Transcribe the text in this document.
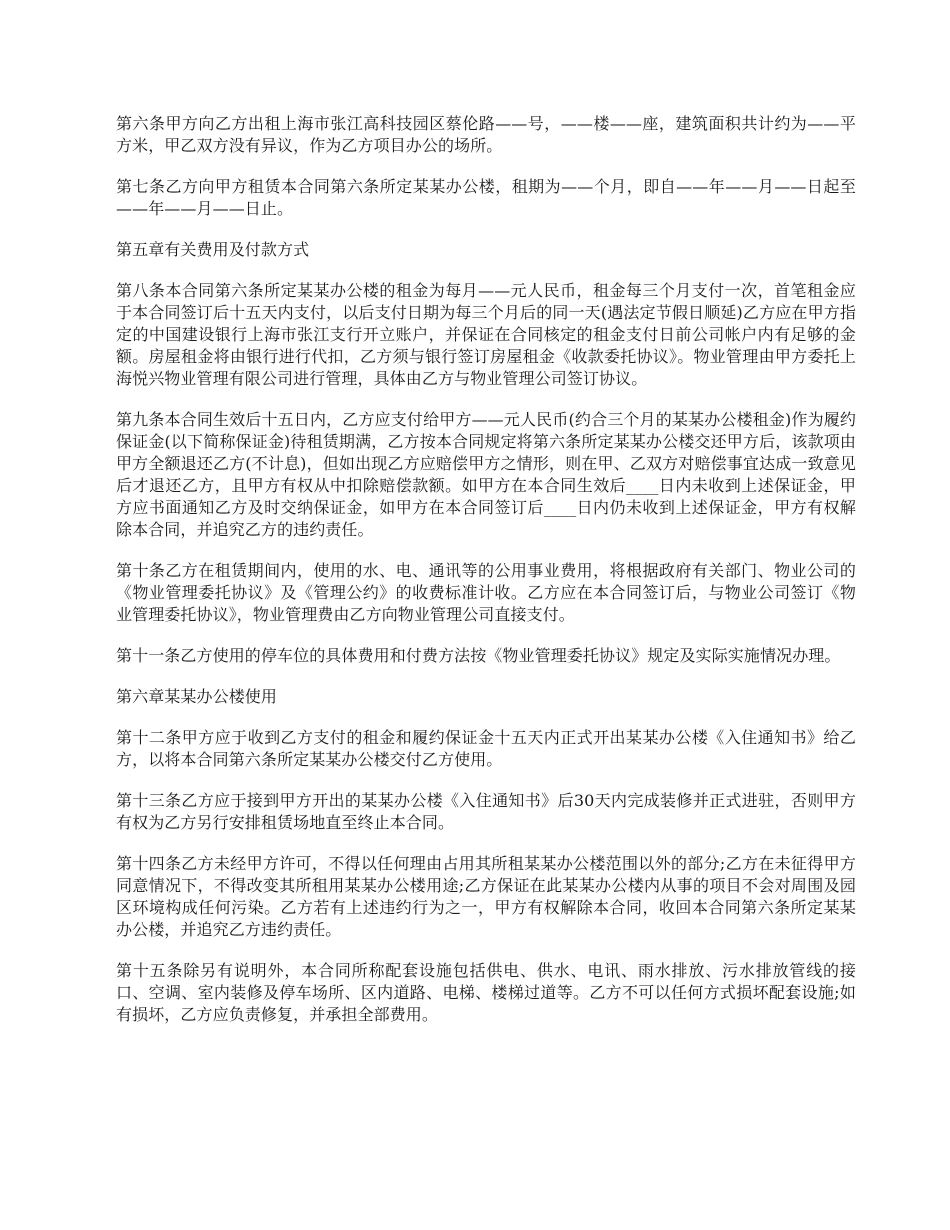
第六条甲方向乙方出租上海市张江高科技园区蔡伦路——号，——楼——座，建筑面积共计约为——平方米，甲乙双方没有异议，作为乙方项目办公的场所。

第七条乙方向甲方租赁本合同第六条所定某某办公楼，租期为——个月，即自——年——月——日起至——年——月——日止。

第五章有关费用及付款方式

第八条本合同第六条所定某某办公楼的租金为每月——元人民币，租金每三个月支付一次，首笔租金应于本合同签订后十五天内支付，以后支付日期为每三个月后的同一天(遇法定节假日顺延)乙方应在甲方指定的中国建设银行上海市张江支行开立账户，并保证在合同核定的租金支付日前公司帐户内有足够的金额。房屋租金将由银行进行代扣，乙方须与银行签订房屋租金《收款委托协议》。物业管理由甲方委托上海悦兴物业管理有限公司进行管理，具体由乙方与物业管理公司签订协议。

第九条本合同生效后十五日内，乙方应支付给甲方——元人民币(约合三个月的某某办公楼租金)作为履约保证金(以下简称保证金)待租赁期满，乙方按本合同规定将第六条所定某某办公楼交还甲方后，该款项由甲方全额退还乙方(不计息)，但如出现乙方应赔偿甲方之情形，则在甲、乙双方对赔偿事宜达成一致意见后才退还乙方，且甲方有权从中扣除赔偿款额。如甲方在本合同生效后____日内未收到上述保证金，甲方应书面通知乙方及时交纳保证金，如甲方在本合同签订后____日内仍未收到上述保证金，甲方有权解除本合同，并追究乙方的违约责任。

第十条乙方在租赁期间内，使用的水、电、通讯等的公用事业费用，将根据政府有关部门、物业公司的《物业管理委托协议》及《管理公约》的收费标准计收。乙方应在本合同签订后，与物业公司签订《物业管理委托协议》，物业管理费由乙方向物业管理公司直接支付。

第十一条乙方使用的停车位的具体费用和付费方法按《物业管理委托协议》规定及实际实施情况办理。

第六章某某办公楼使用

第十二条甲方应于收到乙方支付的租金和履约保证金十五天内正式开出某某办公楼《入住通知书》给乙方，以将本合同第六条所定某某办公楼交付乙方使用。

第十三条乙方应于接到甲方开出的某某办公楼《入住通知书》后30天内完成装修并正式进驻，否则甲方有权为乙方另行安排租赁场地直至终止本合同。

第十四条乙方未经甲方许可，不得以任何理由占用其所租某某办公楼范围以外的部分;乙方在未征得甲方同意情况下，不得改变其所租用某某办公楼用途;乙方保证在此某某办公楼内从事的项目不会对周围及园区环境构成任何污染。乙方若有上述违约行为之一，甲方有权解除本合同，收回本合同第六条所定某某办公楼，并追究乙方违约责任。

第十五条除另有说明外，本合同所称配套设施包括供电、供水、电讯、雨水排放、污水排放管线的接口、空调、室内装修及停车场所、区内道路、电梯、楼梯过道等。乙方不可以任何方式损坏配套设施;如有损坏，乙方应负责修复，并承担全部费用。
